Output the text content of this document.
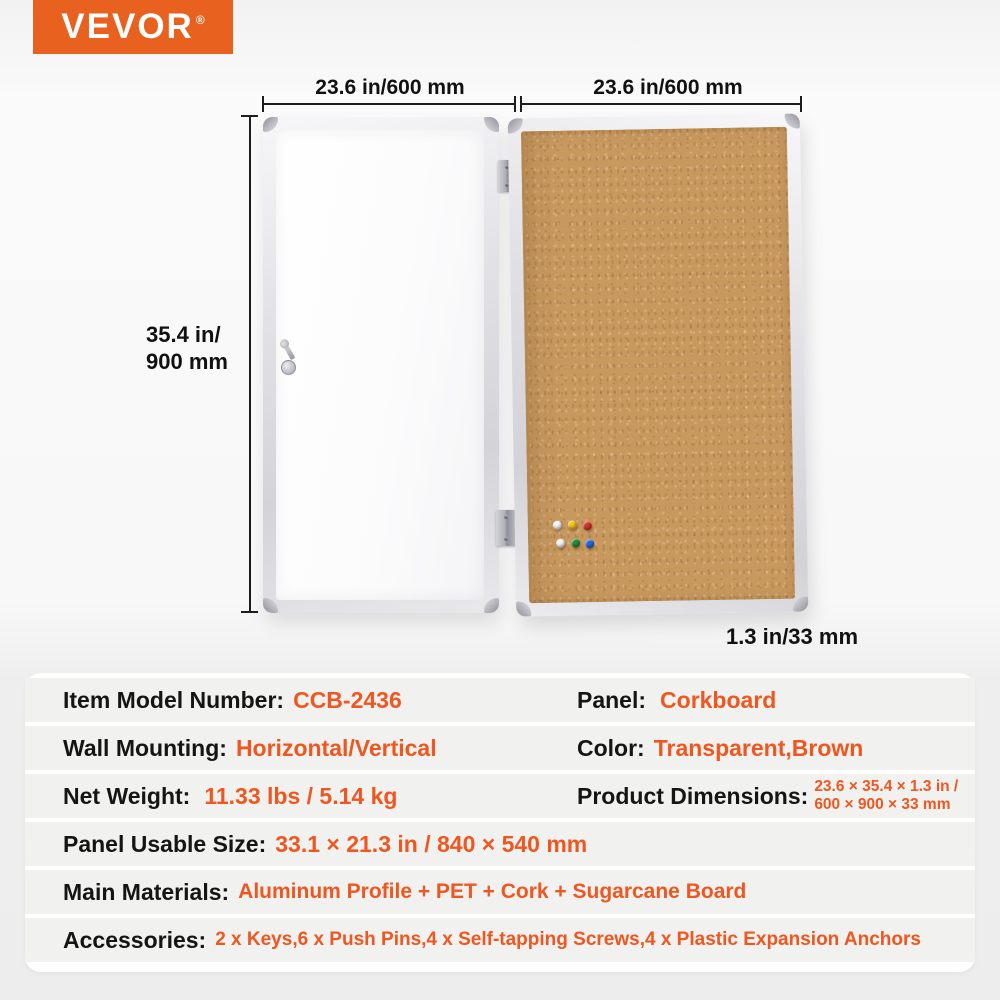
VEVOR®
23.6 in/600 mm	23.6 in/600 mm
35.4 in/
900 mm
1.3 in/33 mm
Item Model Number: CCB-2436	Panel: Corkboard
Wall Mounting: Horizontal/Vertical	Color: Transparent,Brown
Net Weight: 11.33 lbs / 5.14 kg	Product Dimensions: 23.6 × 35.4 × 1.3 in /
600 × 900 × 33 mm
Panel Usable Size: 33.1 × 21.3 in / 840 × 540 mm
Main Materials: Aluminum Profile + PET + Cork + Sugarcane Board
Accessories: 2 x Keys,6 x Push Pins,4 x Self-tapping Screws,4 x Plastic Expansion Anchors
